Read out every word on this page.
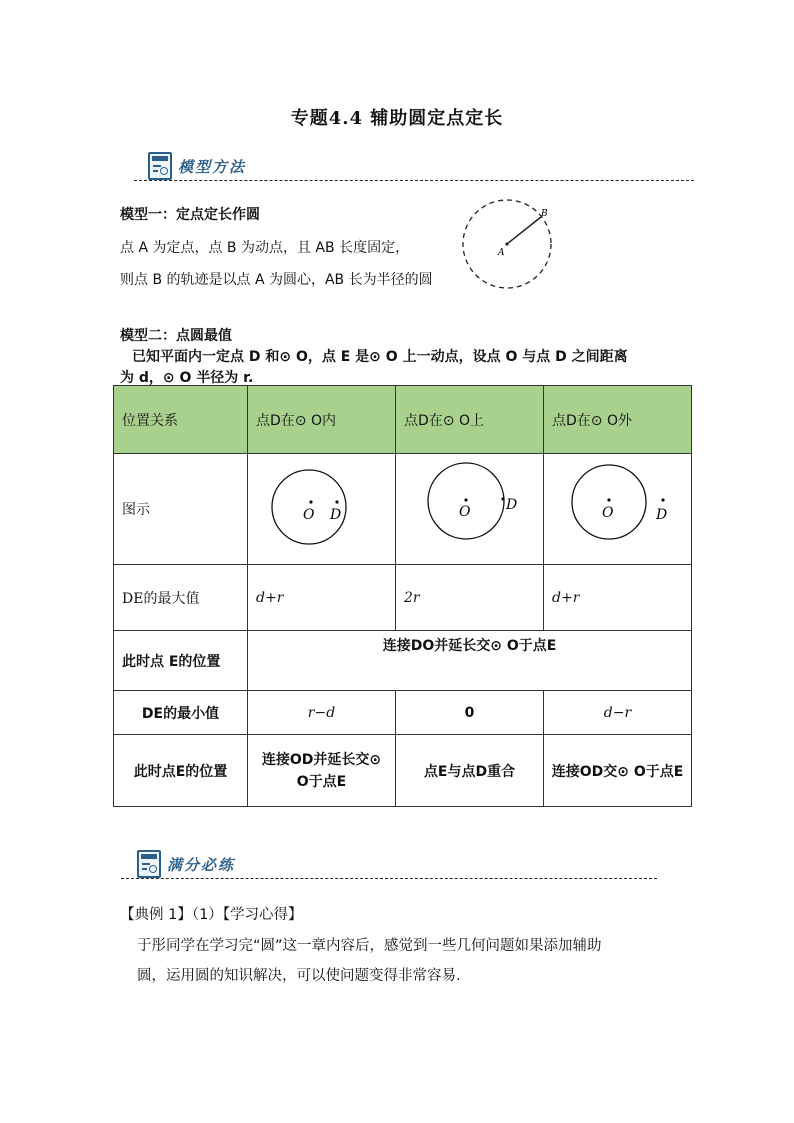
专题4.4 辅助圆定点定长
模型方法
模型一：定点定长作圆
点 A 为定点，点 B 为动点，且 AB 长度固定，
则点 B 的轨迹是以点 A 为圆心，AB 长为半径的圆
A
B
模型二：点圆最值
已知平面内一定点 D 和⊙ O，点 E 是⊙ O 上一动点，设点 O 与点 D 之间距离
为 d，⊙ O 半径为 r.
位置关系	点D在⊙ O内	点D在⊙ O上	点D在⊙ O外
图示	O D	O D	O D

DE的最大值	d+r	2r	d+r
此时点 E的位置	连接DO并延长交⊙ O于点E		
DE的最小值	r−d	0	d−r
此时点E的位置	连接OD并延长交⊙ O于点E	点E与点D重合	连接OD交⊙ O于点E
满分必练
【典例 1】（1）【学习心得】
于彤同学在学习完“圆”这一章内容后，感觉到一些几何问题如果添加辅助
圆，运用圆的知识解决，可以使问题变得非常容易.
